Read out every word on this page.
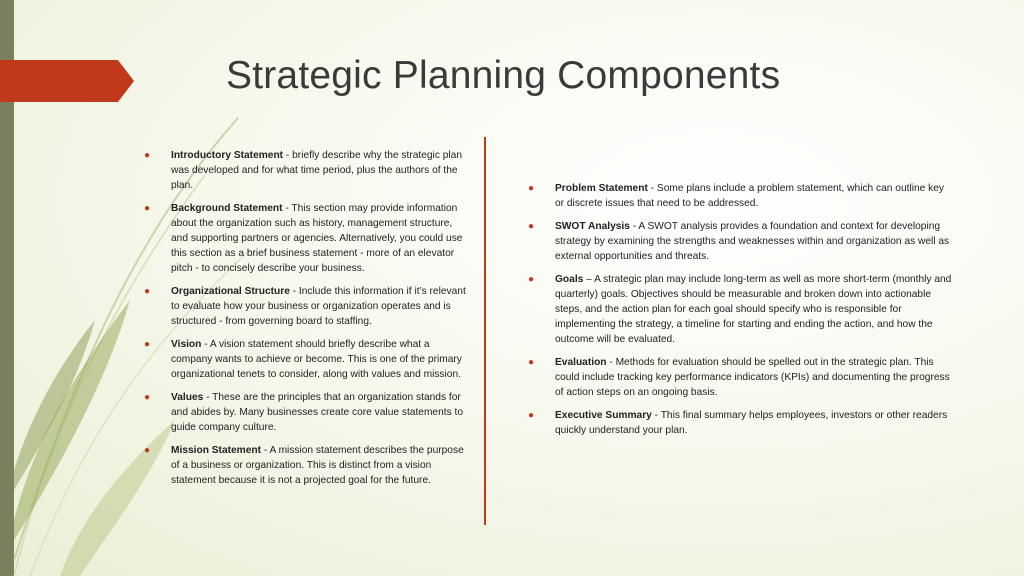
Strategic Planning Components
● Introductory Statement - briefly describe why the strategic plan was developed and for what time period, plus the authors of the plan.
● Background Statement - This section may provide information about the organization such as history, management structure, and supporting partners or agencies. Alternatively, you could use this section as a brief business statement - more of an elevator pitch - to concisely describe your business.
● Organizational Structure - Include this information if it’s relevant to evaluate how your business or organization operates and is structured - from governing board to staffing.
● Vision - A vision statement should briefly describe what a company wants to achieve or become. This is one of the primary organizational tenets to consider, along with values and mission.
● Values - These are the principles that an organization stands for and abides by. Many businesses create core value statements to guide company culture.
● Mission Statement - A mission statement describes the purpose of a business or organization. This is distinct from a vision statement because it is not a projected goal for the future.
● Problem Statement - Some plans include a problem statement, which can outline key or discrete issues that need to be addressed.
● SWOT Analysis - A SWOT analysis provides a foundation and context for developing strategy by examining the strengths and weaknesses within and organization as well as external opportunities and threats.
● Goals – A strategic plan may include long-term as well as more short-term (monthly and quarterly) goals. Objectives should be measurable and broken down into actionable steps, and the action plan for each goal should specify who is responsible for implementing the strategy, a timeline for starting and ending the action, and how the outcome will be evaluated.
● Evaluation - Methods for evaluation should be spelled out in the strategic plan. This could include tracking key performance indicators (KPIs) and documenting the progress of action steps on an ongoing basis.
● Executive Summary - This final summary helps employees, investors or other readers quickly understand your plan.
